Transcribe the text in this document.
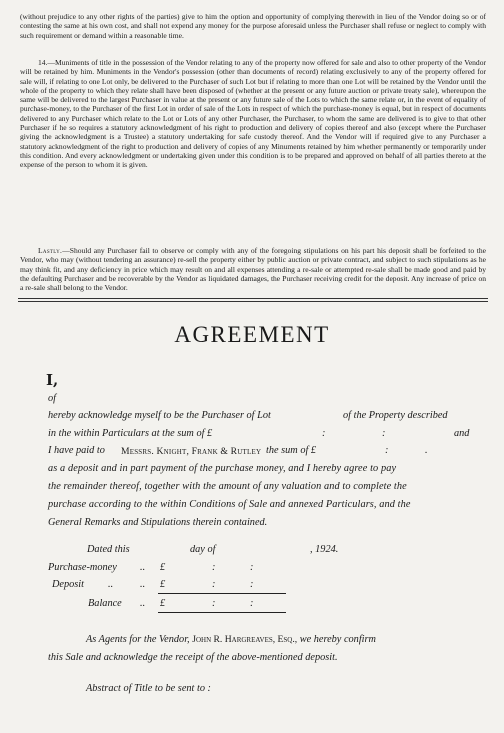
(without prejudice to any other rights of the parties) give to him the option and opportunity of complying therewith in lieu of the Vendor doing so or of contesting the same at his own cost, and shall not expend any money for the purpose aforesaid unless the Purchaser shall refuse or neglect to comply with such requirement or demand within a reasonable time.

14.—Muniments of title in the possession of the Vendor relating to any of the property now offered for sale and also to other property of the Vendor will be retained by him. Muniments in the Vendor's possession (other than documents of record) relating exclusively to any of the property offered for sale will, if relating to one Lot only, be delivered to the Purchaser of such Lot but if relating to more than one Lot will be retained by the Vendor until the whole of the property to which they relate shall have been disposed of (whether at the present or any future auction or private treaty sale), whereupon the same will be delivered to the largest Purchaser in value at the present or any future sale of the Lots to which the same relate or, in the event of equality of purchase-money, to the Purchaser of the first Lot in order of sale of the Lots in respect of which the purchase-money is equal, but in respect of documents delivered to any Purchaser which relate to the Lot or Lots of any other Purchaser, the Purchaser, to whom the same are delivered is to give to that other Purchaser if he so requires a statutory acknowledgment of his right to production and delivery of copies thereof and also (except where the Purchaser giving the acknowledgment is a Trustee) a statutory undertaking for safe custody thereof. And the Vendor will if required give to any Purchaser a statutory acknowledgment of the right to production and delivery of copies of any Minuments retained by him whether permanently or temporarily under this condition. And every acknowledgment or undertaking given under this condition is to be prepared and approved on behalf of all parties thereto at the expense of the person to whom it is given.

Lastly.—Should any Purchaser fail to observe or comply with any of the foregoing stipulations on his part his deposit shall be forfeited to the Vendor, who may (without tendering an assurance) re-sell the property either by public auction or private contract, and subject to such stipulations as he may think fit, and any deficiency in price which may result on and all expenses attending a re-sale or attempted re-sale shall be made good and paid by the defaulting Purchaser and be recoverable by the Vendor as liquidated damages, the Purchaser receiving credit for the deposit. Any increase of price on a re-sale shall belong to the Vendor.

AGREEMENT
I,
of
hereby acknowledge myself to be the Purchaser of Lot	of the Property described
in the within Particulars at the sum of £	:	:	and
I have paid to Messrs. Knight, Frank & Rutley the sum of £	:	.
as a deposit and in part payment of the purchase money, and I hereby agree to pay
the remainder thereof, together with the amount of any valuation and to complete the
purchase according to the within Conditions of Sale and annexed Particulars, and the
General Remarks and Stipulations therein contained.
Dated this	day of	, 1924.
Purchase-money .. £	:	:
Deposit ..	.. £	:	:
Balance .. £	:	:
As Agents for the Vendor, John R. Hargreaves, Esq., we hereby confirm
this Sale and acknowledge the receipt of the above-mentioned deposit.
Abstract of Title to be sent to :
